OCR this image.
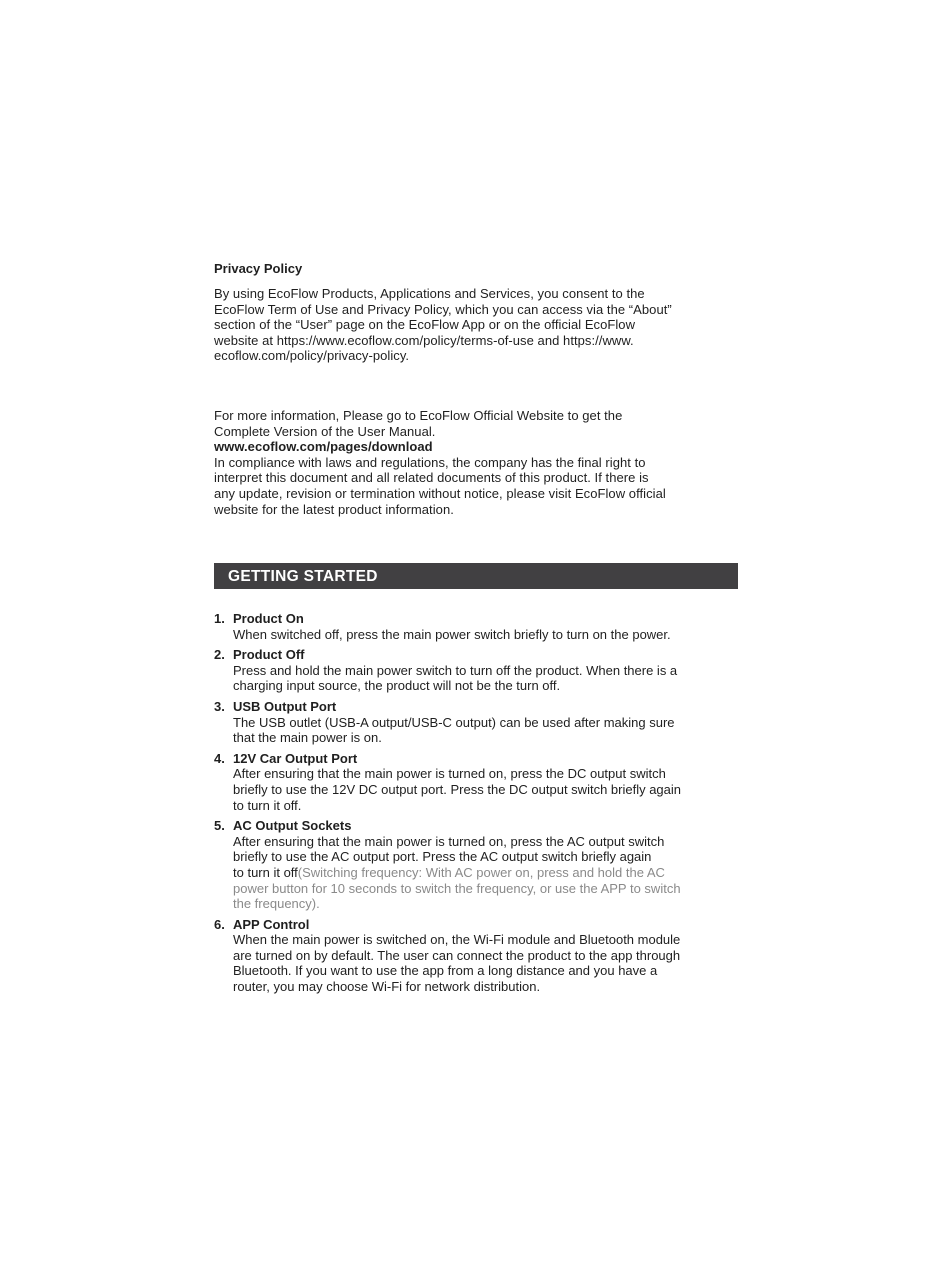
Privacy Policy
By using EcoFlow Products, Applications and Services, you consent to the
EcoFlow Term of Use and Privacy Policy, which you can access via the “About”
section of the “User” page on the EcoFlow App or on the official EcoFlow
website at https://www.ecoflow.com/policy/terms-of-use and https://www.
ecoflow.com/policy/privacy-policy.
For more information, Please go to EcoFlow Official Website to get the
Complete Version of the User Manual.
www.ecoflow.com/pages/download
In compliance with laws and regulations, the company has the final right to
interpret this document and all related documents of this product. If there is
any update, revision or termination without notice, please visit EcoFlow official
website for the latest product information.
GETTING STARTED
1. Product On
When switched off, press the main power switch briefly to turn on the power.
2. Product Off
Press and hold the main power switch to turn off the product. When there is a
charging input source, the product will not be the turn off.
3. USB Output Port
The USB outlet (USB-A output/USB-C output) can be used after making sure
that the main power is on.
4. 12V Car Output Port
After ensuring that the main power is turned on, press the DC output switch
briefly to use the 12V DC output port. Press the DC output switch briefly again
to turn it off.
5. AC Output Sockets
After ensuring that the main power is turned on, press the AC output switch
briefly to use the AC output port. Press the AC output switch briefly again
to turn it off(Switching frequency: With AC power on, press and hold the AC
power button for 10 seconds to switch the frequency, or use the APP to switch
the frequency).
6. APP Control
When the main power is switched on, the Wi-Fi module and Bluetooth module
are turned on by default. The user can connect the product to the app through
Bluetooth. If you want to use the app from a long distance and you have a
router, you may choose Wi-Fi for network distribution.
